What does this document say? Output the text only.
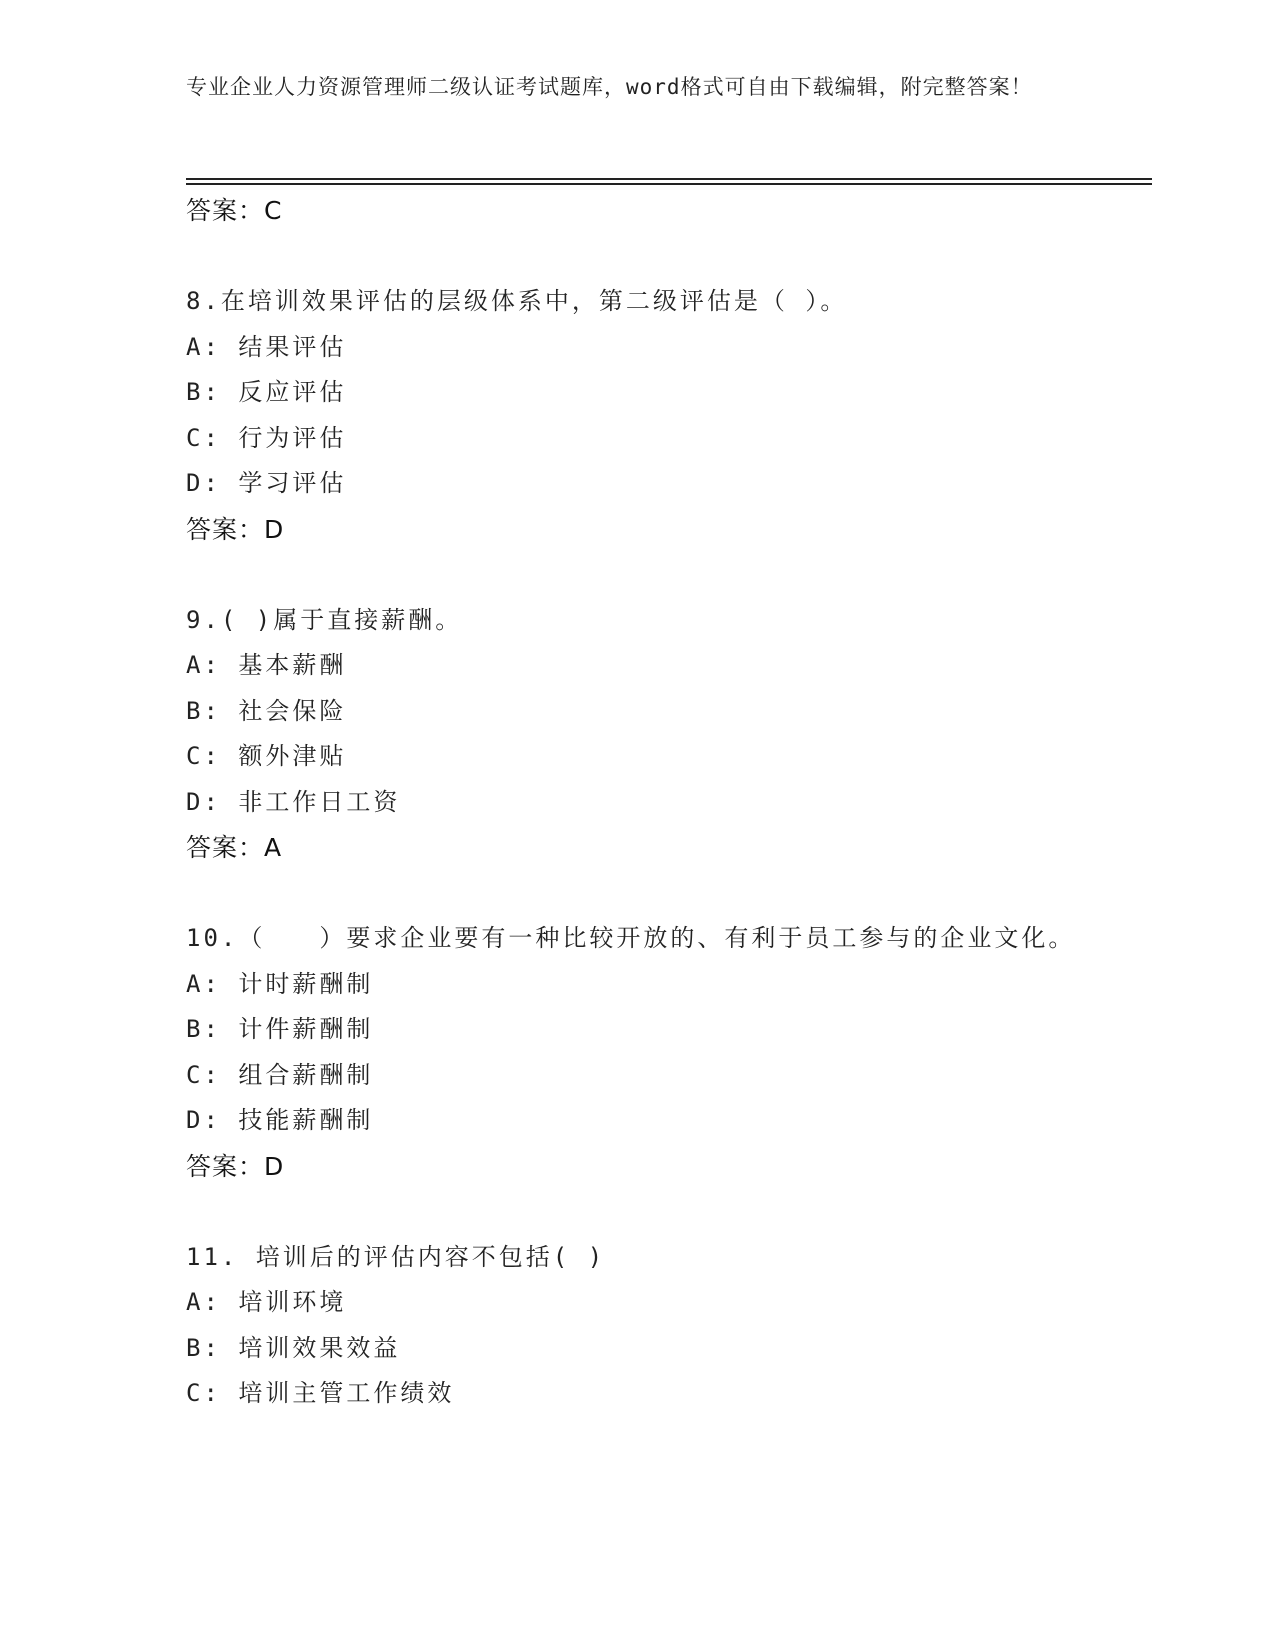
专业企业人力资源管理师二级认证考试题库，word格式可自由下载编辑，附完整答案！
答案：C
8.在培训效果评估的层级体系中，第二级评估是（ ）。
A: 结果评估
B: 反应评估
C: 行为评估
D: 学习评估
答案：D
9.( )属于直接薪酬。
A: 基本薪酬
B: 社会保险
C: 额外津贴
D: 非工作日工资
答案：A
10.（　　）要求企业要有一种比较开放的、有利于员工参与的企业文化。
A: 计时薪酬制
B: 计件薪酬制
C: 组合薪酬制
D: 技能薪酬制
答案：D
11. 培训后的评估内容不包括( )
A: 培训环境
B: 培训效果效益
C: 培训主管工作绩效
